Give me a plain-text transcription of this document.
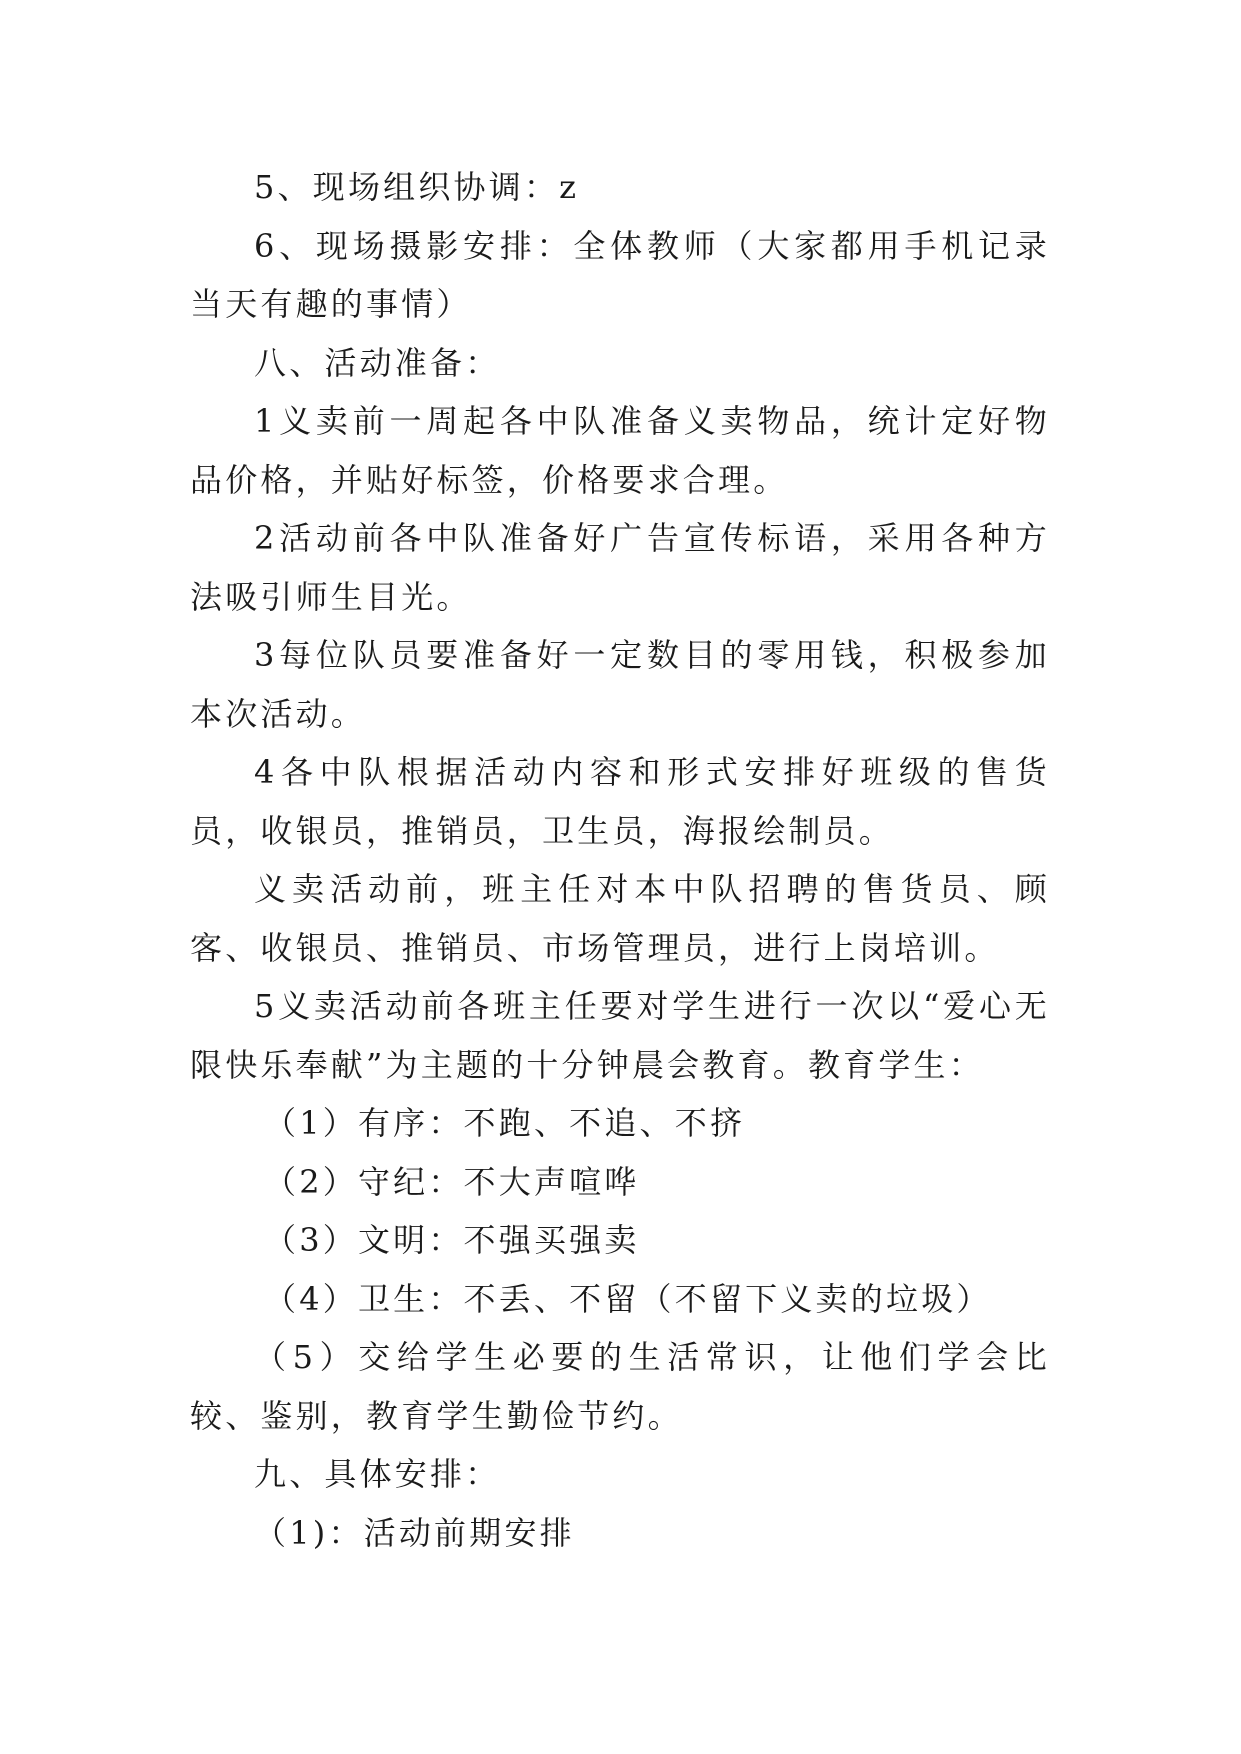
5、现场组织协调：z

6、现场摄影安排：全体教师（大家都用手机记录当天有趣的事情）

八、活动准备：

1义卖前一周起各中队准备义卖物品，统计定好物品价格，并贴好标签，价格要求合理。

2活动前各中队准备好广告宣传标语，采用各种方法吸引师生目光。

3每位队员要准备好一定数目的零用钱，积极参加本次活动。

4各中队根据活动内容和形式安排好班级的售货员，收银员，推销员，卫生员，海报绘制员。

义卖活动前，班主任对本中队招聘的售货员、顾客、收银员、推销员、市场管理员，进行上岗培训。

5义卖活动前各班主任要对学生进行一次以“爱心无限快乐奉献”为主题的十分钟晨会教育。教育学生：

（1）有序：不跑、不追、不挤

（2）守纪：不大声喧哗

（3）文明：不强买强卖

（4）卫生：不丢、不留（不留下义卖的垃圾）

（5）交给学生必要的生活常识，让他们学会比较、鉴别，教育学生勤俭节约。

九、具体安排：

（1)：活动前期安排
